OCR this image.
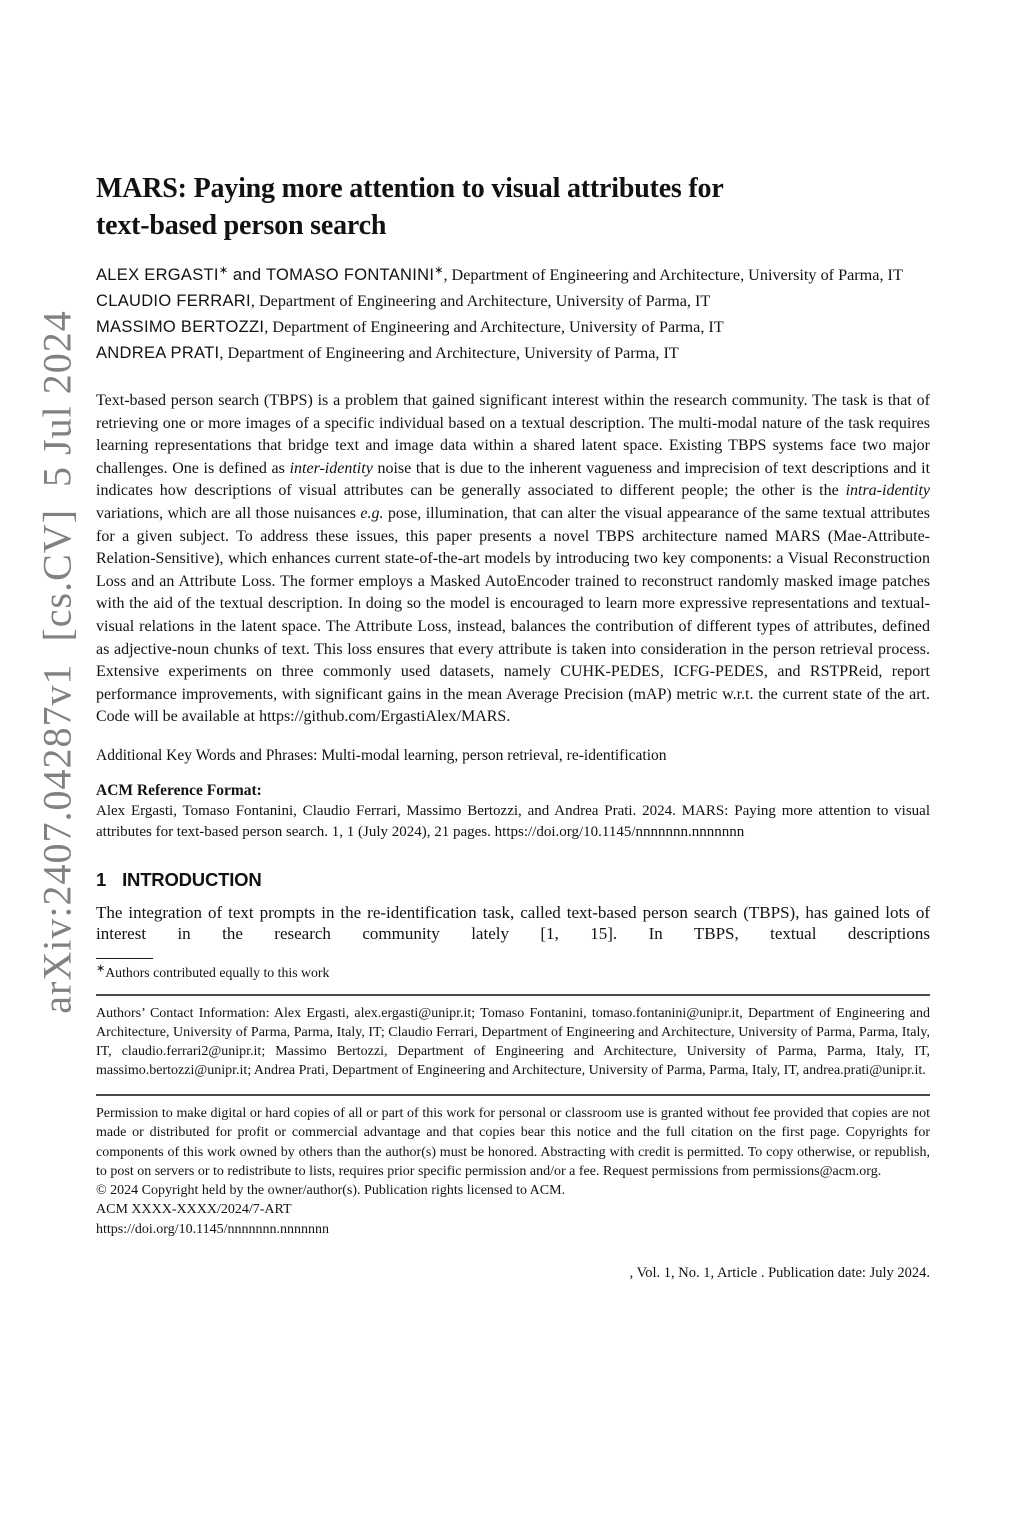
arXiv:2407.04287v1  [cs.CV]  5 Jul 2024
MARS: Paying more attention to visual attributes for
text-based person search

ALEX ERGASTI∗ and TOMASO FONTANINI∗, Department of Engineering and Architecture, University of Parma, IT

CLAUDIO FERRARI, Department of Engineering and Architecture, University of Parma, IT

MASSIMO BERTOZZI, Department of Engineering and Architecture, University of Parma, IT

ANDREA PRATI, Department of Engineering and Architecture, University of Parma, IT

Text-based person search (TBPS) is a problem that gained significant interest within the research community. The task is that of retrieving one or more images of a specific individual based on a textual description. The multi-modal nature of the task requires learning representations that bridge text and image data within a shared latent space. Existing TBPS systems face two major challenges. One is defined as inter-identity noise that is due to the inherent vagueness and imprecision of text descriptions and it indicates how descriptions of visual attributes can be generally associated to different people; the other is the intra-identity variations, which are all those nuisances e.g. pose, illumination, that can alter the visual appearance of the same textual attributes for a given subject. To address these issues, this paper presents a novel TBPS architecture named MARS (Mae-Attribute-Relation-Sensitive), which enhances current state-of-the-art models by introducing two key components: a Visual Reconstruction Loss and an Attribute Loss. The former employs a Masked AutoEncoder trained to reconstruct randomly masked image patches with the aid of the textual description. In doing so the model is encouraged to learn more expressive representations and textual-visual relations in the latent space. The Attribute Loss, instead, balances the contribution of different types of attributes, defined as adjective-noun chunks of text. This loss ensures that every attribute is taken into consideration in the person retrieval process. Extensive experiments on three commonly used datasets, namely CUHK-PEDES, ICFG-PEDES, and RSTPReid, report performance improvements, with significant gains in the mean Average Precision (mAP) metric w.r.t. the current state of the art. Code will be available at https://github.com/ErgastiAlex/MARS.

Additional Key Words and Phrases: Multi-modal learning, person retrieval, re-identification

ACM Reference Format:

Alex Ergasti, Tomaso Fontanini, Claudio Ferrari, Massimo Bertozzi, and Andrea Prati. 2024. MARS: Paying more attention to visual attributes for text-based person search. 1, 1 (July 2024), 21 pages. https://doi.org/10.1145/nnnnnnn.nnnnnnn

1 INTRODUCTION

The integration of text prompts in the re-identification task, called text-based person search (TBPS), has gained lots of interest in the research community lately [1, 15]. In TBPS, textual descriptions

∗Authors contributed equally to this work

Authors’ Contact Information: Alex Ergasti, alex.ergasti@unipr.it; Tomaso Fontanini, tomaso.fontanini@unipr.it, Department of Engineering and Architecture, University of Parma, Parma, Italy, IT; Claudio Ferrari, Department of Engineering and Architecture, University of Parma, Parma, Italy, IT, claudio.ferrari2@unipr.it; Massimo Bertozzi, Department of Engineering and Architecture, University of Parma, Parma, Italy, IT, massimo.bertozzi@unipr.it; Andrea Prati, Department of Engineering and Architecture, University of Parma, Parma, Italy, IT, andrea.prati@unipr.it.

Permission to make digital or hard copies of all or part of this work for personal or classroom use is granted without fee provided that copies are not made or distributed for profit or commercial advantage and that copies bear this notice and the full citation on the first page. Copyrights for components of this work owned by others than the author(s) must be honored. Abstracting with credit is permitted. To copy otherwise, or republish, to post on servers or to redistribute to lists, requires prior specific permission and/or a fee. Request permissions from permissions@acm.org.

© 2024 Copyright held by the owner/author(s). Publication rights licensed to ACM.

ACM XXXX-XXXX/2024/7-ART

https://doi.org/10.1145/nnnnnnn.nnnnnnn

, Vol. 1, No. 1, Article . Publication date: July 2024.
